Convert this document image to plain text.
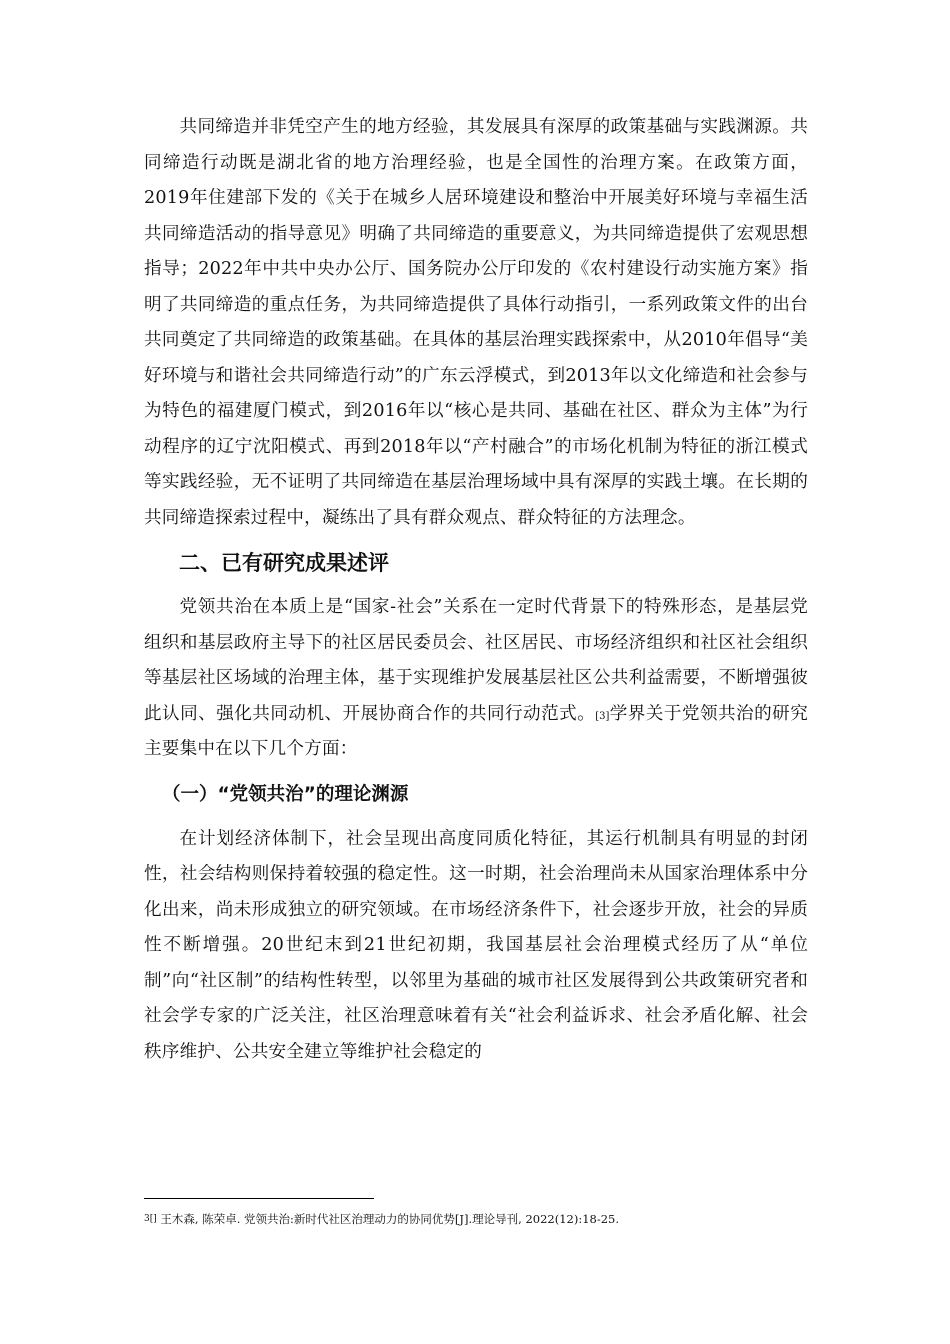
共同缔造并非凭空产生的地方经验，其发展具有深厚的政策基础与实践渊源。共同缔造行动既是湖北省的地方治理经验，也是全国性的治理方案。在政策方面，2019年住建部下发的《关于在城乡人居环境建设和整治中开展美好环境与幸福生活共同缔造活动的指导意见》明确了共同缔造的重要意义，为共同缔造提供了宏观思想指导；2022年中共中央办公厅、国务院办公厅印发的《农村建设行动实施方案》指明了共同缔造的重点任务，为共同缔造提供了具体行动指引，一系列政策文件的出台共同奠定了共同缔造的政策基础。在具体的基层治理实践探索中，从2010年倡导“美好环境与和谐社会共同缔造行动”的广东云浮模式，到2013年以文化缔造和社会参与为特色的福建厦门模式，到2016年以“核心是共同、基础在社区、群众为主体”为行动程序的辽宁沈阳模式、再到2018年以“产村融合”的市场化机制为特征的浙江模式等实践经验，无不证明了共同缔造在基层治理场域中具有深厚的实践土壤。在长期的共同缔造探索过程中，凝练出了具有群众观点、群众特征的方法理念。

二、已有研究成果述评

党领共治在本质上是“国家-社会”关系在一定时代背景下的特殊形态，是基层党组织和基层政府主导下的社区居民委员会、社区居民、市场经济组织和社区社会组织等基层社区场域的治理主体，基于实现维护发展基层社区公共利益需要，不断增强彼此认同、强化共同动机、开展协商合作的共同行动范式。[3]学界关于党领共治的研究主要集中在以下几个方面：

（一）“党领共治”的理论渊源

在计划经济体制下，社会呈现出高度同质化特征，其运行机制具有明显的封闭性，社会结构则保持着较强的稳定性。这一时期，社会治理尚未从国家治理体系中分化出来，尚未形成独立的研究领域。在市场经济条件下，社会逐步开放，社会的异质性不断增强。20世纪末到21世纪初期，我国基层社会治理模式经历了从“单位制”向“社区制”的结构性转型，以邻里为基础的城市社区发展得到公共政策研究者和社会学专家的广泛关注，社区治理意味着有关“社会利益诉求、社会矛盾化解、社会秩序维护、公共安全建立等维护社会稳定的

$^{3[]}$ 王木森, 陈荣卓. 党领共治:新时代社区治理动力的协同优势[J].理论导刊, 2022(12):18-25.
